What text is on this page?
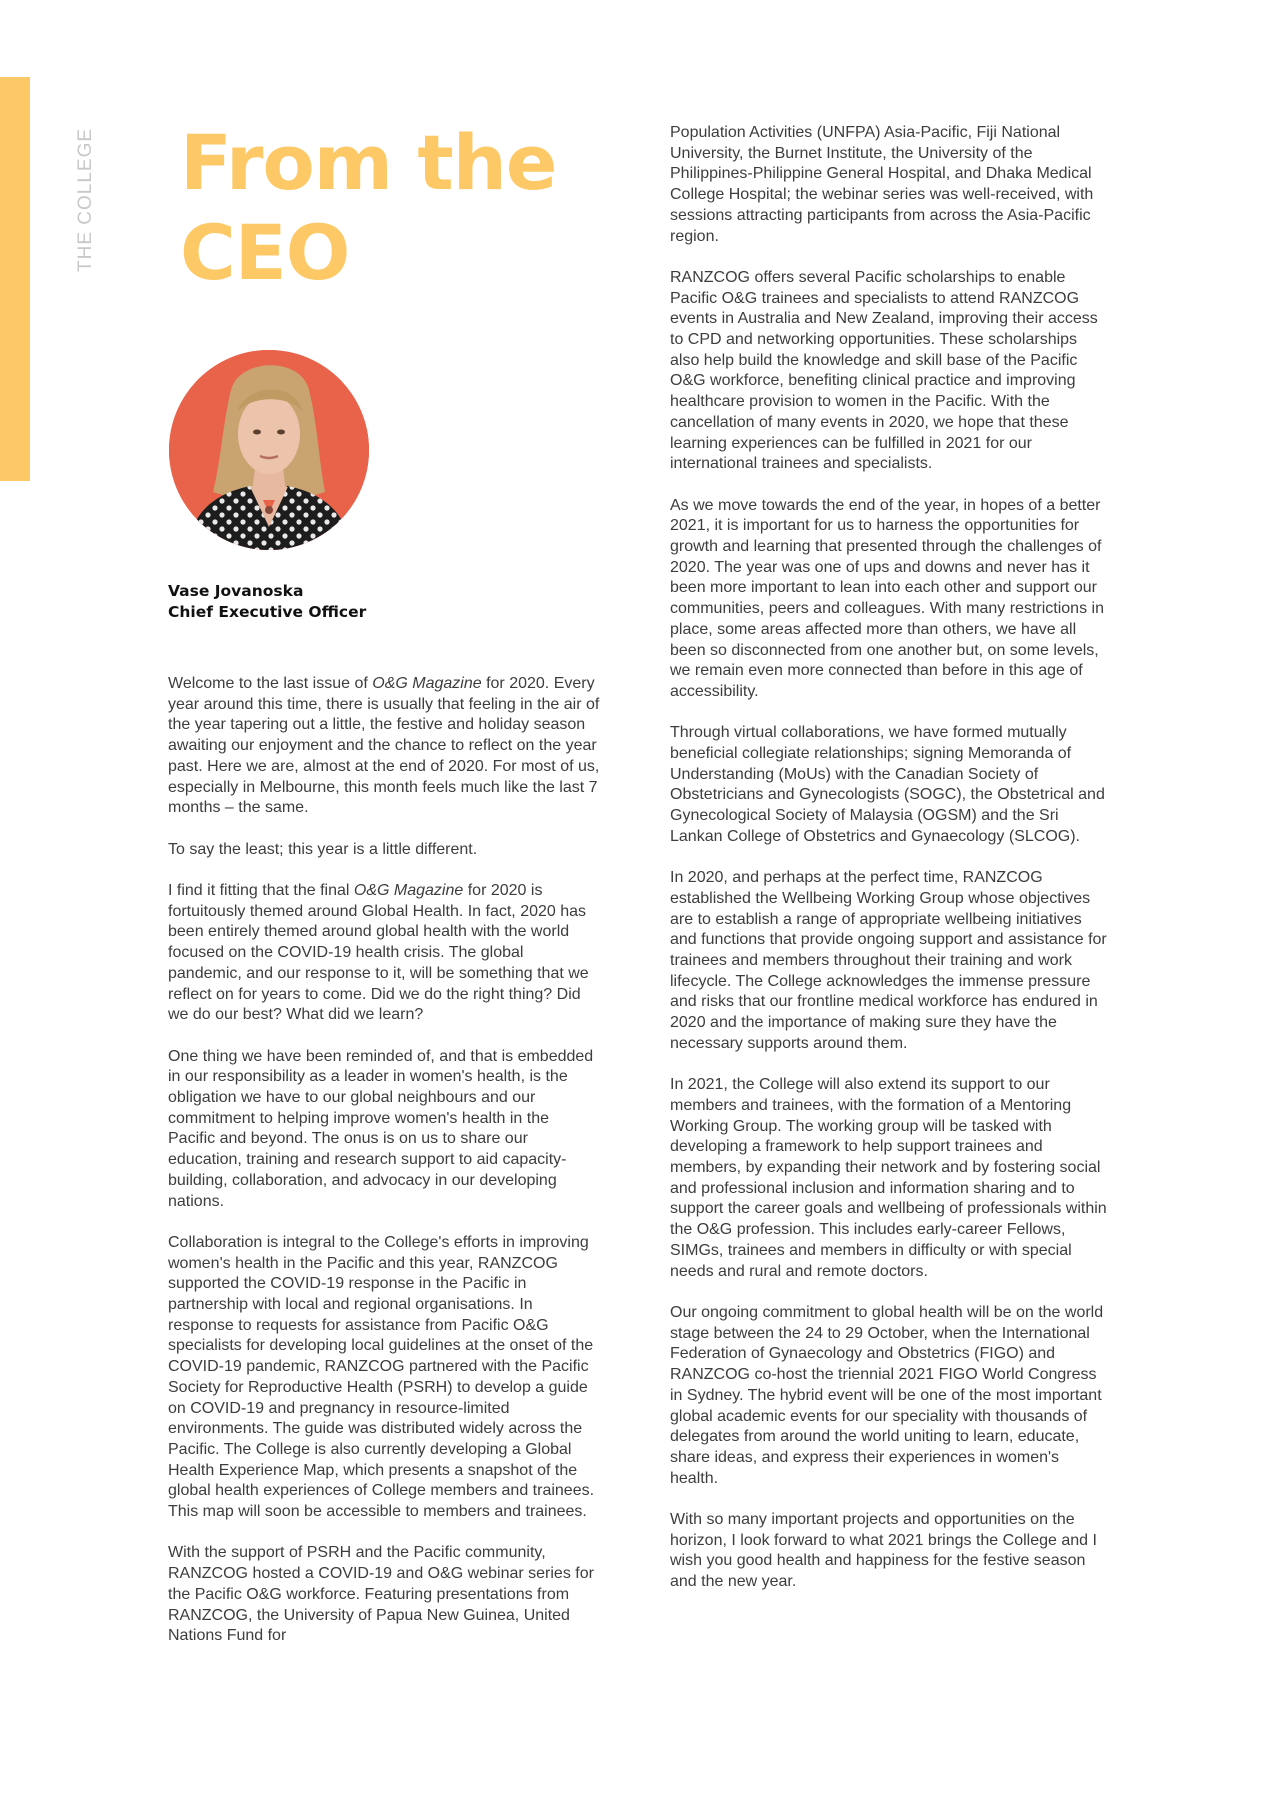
THE COLLEGE From the
CEO
Vase Jovanoska
Chief Executive Officer

Welcome to the last issue of O&G Magazine for 2020. Every year around this time, there is usually that feeling in the air of the year tapering out a little, the festive and holiday season awaiting our enjoyment and the chance to reflect on the year past. Here we are, almost at the end of 2020. For most of us, especially in Melbourne, this month feels much like the last 7 months – the same.

To say the least; this year is a little different.

I find it fitting that the final O&G Magazine for 2020 is fortuitously themed around Global Health. In fact, 2020 has been entirely themed around global health with the world focused on the COVID-19 health crisis. The global pandemic, and our response to it, will be something that we reflect on for years to come. Did we do the right thing? Did we do our best? What did we learn?

One thing we have been reminded of, and that is embedded in our responsibility as a leader in women's health, is the obligation we have to our global neighbours and our commitment to helping improve women's health in the Pacific and beyond. The onus is on us to share our education, training and research support to aid capacity-building, collaboration, and advocacy in our developing nations.

Collaboration is integral to the College's efforts in improving women's health in the Pacific and this year, RANZCOG supported the COVID-19 response in the Pacific in partnership with local and regional organisations. In response to requests for assistance from Pacific O&G specialists for developing local guidelines at the onset of the COVID-19 pandemic, RANZCOG partnered with the Pacific Society for Reproductive Health (PSRH) to develop a guide on COVID-19 and pregnancy in resource-limited environments. The guide was distributed widely across the Pacific. The College is also currently developing a Global Health Experience Map, which presents a snapshot of the global health experiences of College members and trainees. This map will soon be accessible to members and trainees.

With the support of PSRH and the Pacific community, RANZCOG hosted a COVID-19 and O&G webinar series for the Pacific O&G workforce. Featuring presentations from RANZCOG, the University of Papua New Guinea, United Nations Fund for

Population Activities (UNFPA) Asia-Pacific, Fiji National University, the Burnet Institute, the University of the Philippines-Philippine General Hospital, and Dhaka Medical College Hospital; the webinar series was well-received, with sessions attracting participants from across the Asia-Pacific region.

RANZCOG offers several Pacific scholarships to enable Pacific O&G trainees and specialists to attend RANZCOG events in Australia and New Zealand, improving their access to CPD and networking opportunities. These scholarships also help build the knowledge and skill base of the Pacific O&G workforce, benefiting clinical practice and improving healthcare provision to women in the Pacific. With the cancellation of many events in 2020, we hope that these learning experiences can be fulfilled in 2021 for our international trainees and specialists.

As we move towards the end of the year, in hopes of a better 2021, it is important for us to harness the opportunities for growth and learning that presented through the challenges of 2020. The year was one of ups and downs and never has it been more important to lean into each other and support our communities, peers and colleagues. With many restrictions in place, some areas affected more than others, we have all been so disconnected from one another but, on some levels, we remain even more connected than before in this age of accessibility.

Through virtual collaborations, we have formed mutually beneficial collegiate relationships; signing Memoranda of Understanding (MoUs) with the Canadian Society of Obstetricians and Gynecologists (SOGC), the Obstetrical and Gynecological Society of Malaysia (OGSM) and the Sri Lankan College of Obstetrics and Gynaecology (SLCOG).

In 2020, and perhaps at the perfect time, RANZCOG established the Wellbeing Working Group whose objectives are to establish a range of appropriate wellbeing initiatives and functions that provide ongoing support and assistance for trainees and members throughout their training and work lifecycle. The College acknowledges the immense pressure and risks that our frontline medical workforce has endured in 2020 and the importance of making sure they have the necessary supports around them.

In 2021, the College will also extend its support to our members and trainees, with the formation of a Mentoring Working Group. The working group will be tasked with developing a framework to help support trainees and members, by expanding their network and by fostering social and professional inclusion and information sharing and to support the career goals and wellbeing of professionals within the O&G profession. This includes early-career Fellows, SIMGs, trainees and members in difficulty or with special needs and rural and remote doctors.

Our ongoing commitment to global health will be on the world stage between the 24 to 29 October, when the International Federation of Gynaecology and Obstetrics (FIGO) and RANZCOG co-host the triennial 2021 FIGO World Congress in Sydney. The hybrid event will be one of the most important global academic events for our speciality with thousands of delegates from around the world uniting to learn, educate, share ideas, and express their experiences in women's health.

With so many important projects and opportunities on the horizon, I look forward to what 2021 brings the College and I wish you good health and happiness for the festive season and the new year.
